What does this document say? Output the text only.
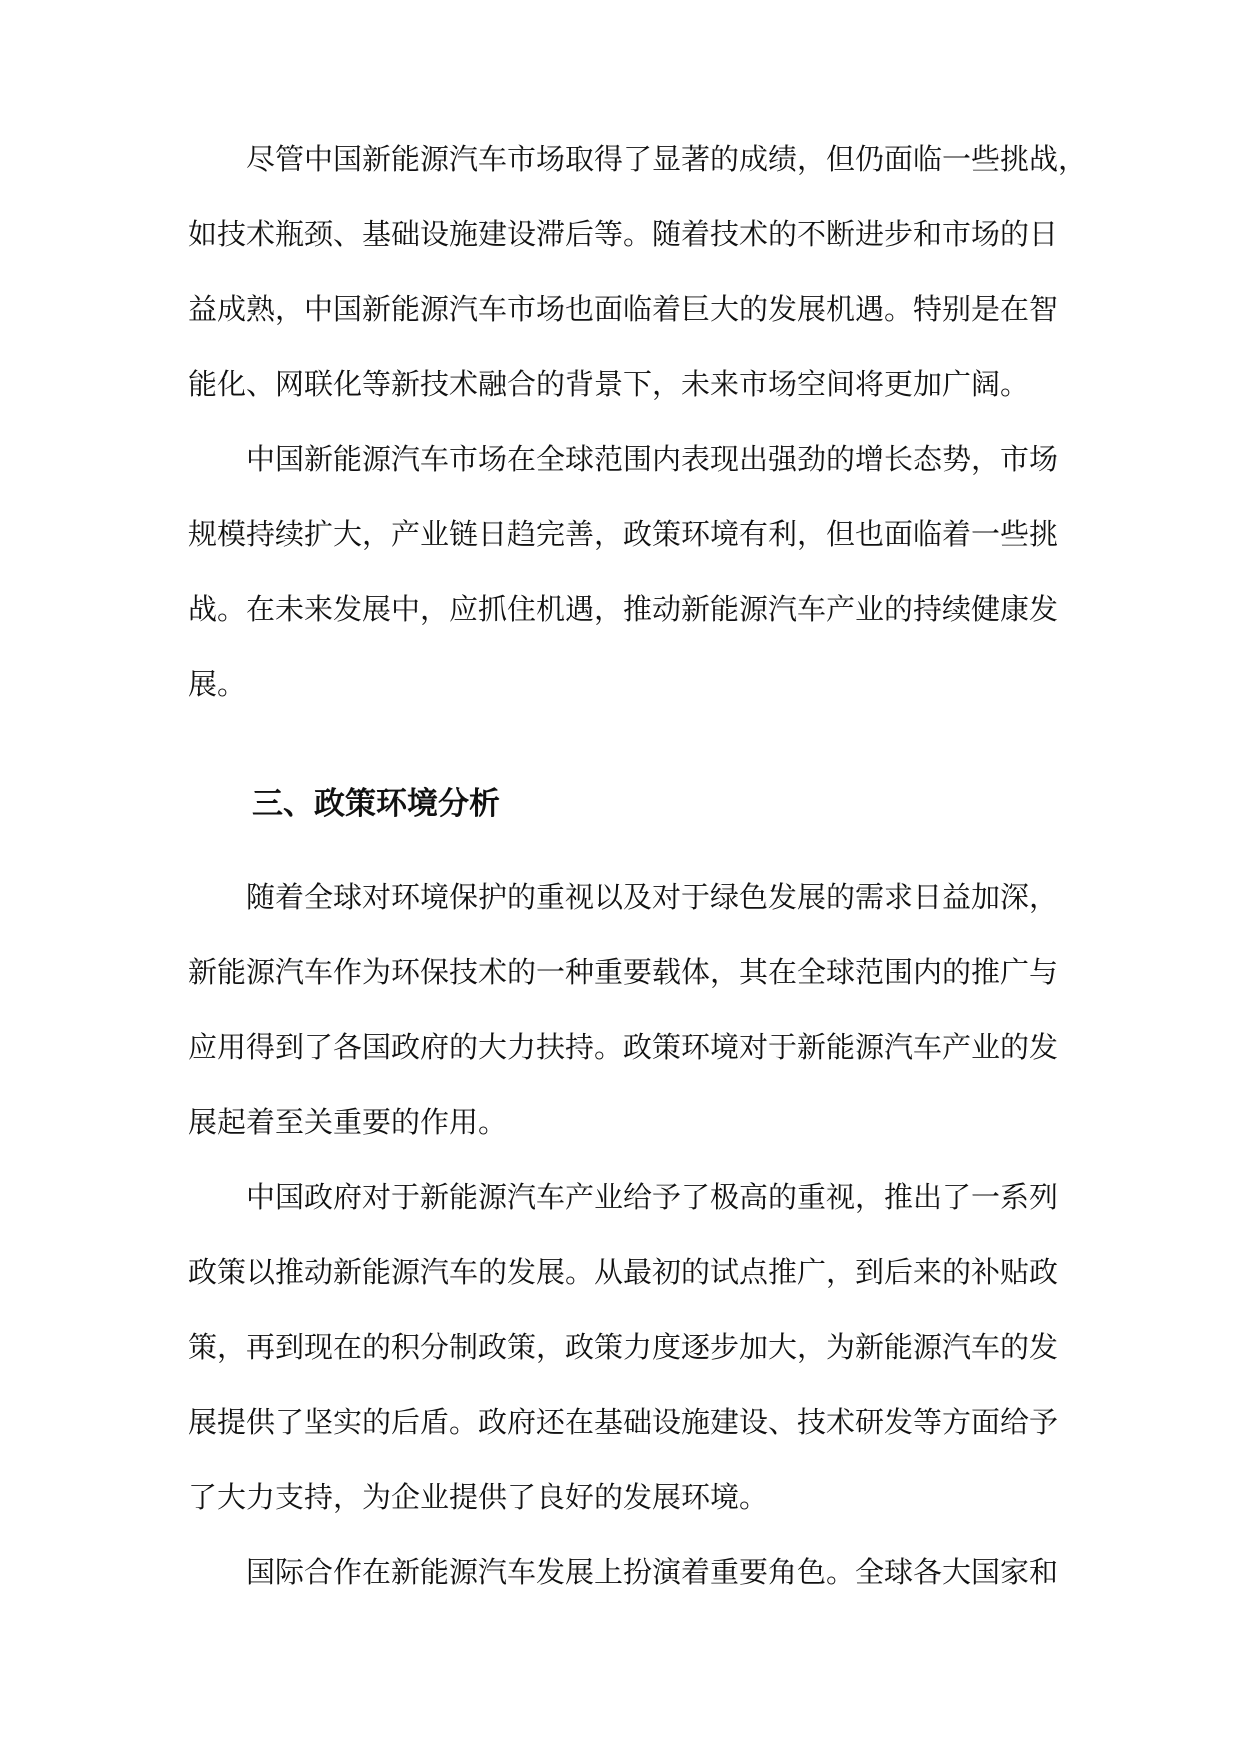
尽管中国新能源汽车市场取得了显著的成绩，但仍面临一些挑战，
如技术瓶颈、基础设施建设滞后等。随着技术的不断进步和市场的日
益成熟，中国新能源汽车市场也面临着巨大的发展机遇。特别是在智
能化、网联化等新技术融合的背景下，未来市场空间将更加广阔。

中国新能源汽车市场在全球范围内表现出强劲的增长态势，市场
规模持续扩大，产业链日趋完善，政策环境有利，但也面临着一些挑
战。在未来发展中，应抓住机遇，推动新能源汽车产业的持续健康发
展。

三、政策环境分析

随着全球对环境保护的重视以及对于绿色发展的需求日益加深，
新能源汽车作为环保技术的一种重要载体，其在全球范围内的推广与
应用得到了各国政府的大力扶持。政策环境对于新能源汽车产业的发
展起着至关重要的作用。

中国政府对于新能源汽车产业给予了极高的重视，推出了一系列
政策以推动新能源汽车的发展。从最初的试点推广，到后来的补贴政
策，再到现在的积分制政策，政策力度逐步加大，为新能源汽车的发
展提供了坚实的后盾。政府还在基础设施建设、技术研发等方面给予
了大力支持，为企业提供了良好的发展环境。

国际合作在新能源汽车发展上扮演着重要角色。全球各大国家和
